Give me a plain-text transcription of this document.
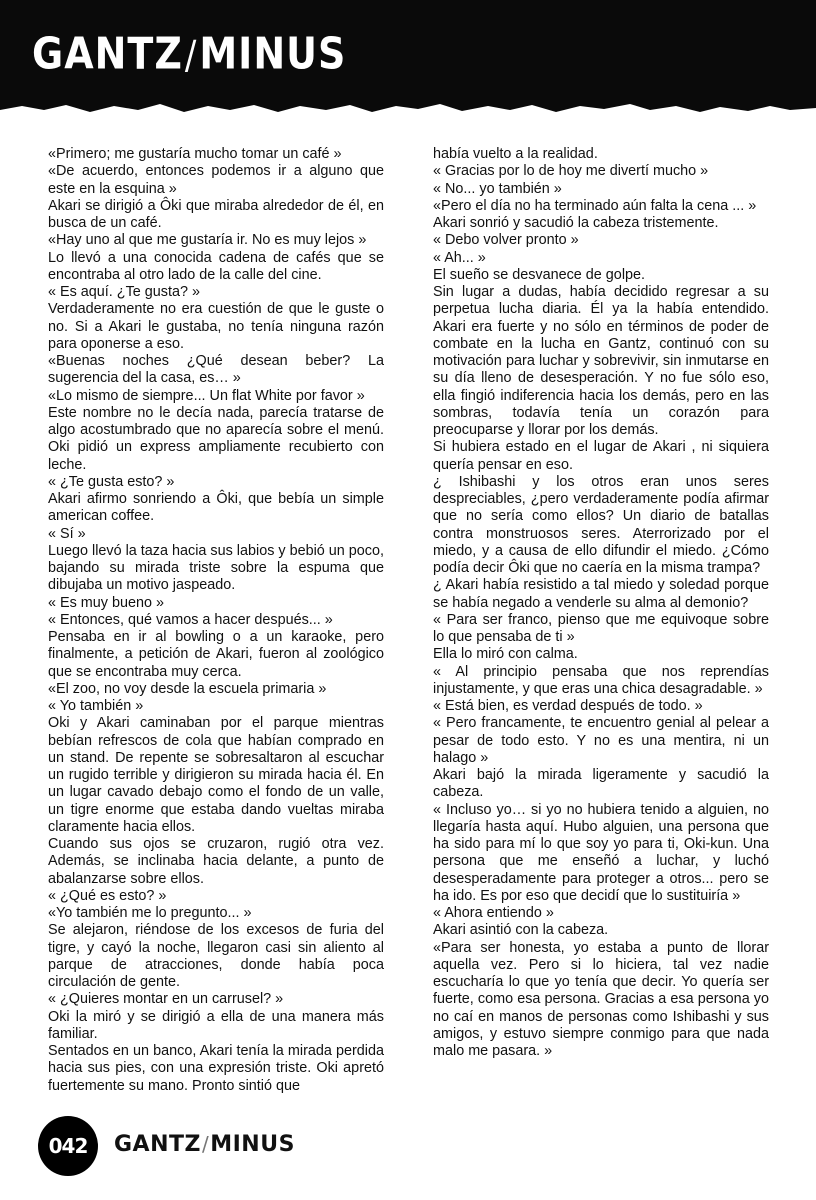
GANTZ/MINUS

«Primero; me gustaría mucho tomar un café »

«De acuerdo, entonces podemos ir a alguno que este en la esquina »

Akari se dirigió a Ôki que miraba alrededor de él, en busca de un café.

«Hay uno al que me gustaría ir. No es muy lejos »

Lo llevó a una conocida cadena de cafés que se encontraba al otro lado de la calle del cine.

« Es aquí. ¿Te gusta? »

Verdaderamente no era cuestión de que le guste o no. Si a Akari le gustaba, no tenía ninguna razón para oponerse a eso.

«Buenas noches ¿Qué desean beber? La sugerencia del la casa, es… »

«Lo mismo de siempre... Un flat White por favor »

Este nombre no le decía nada, parecía tratarse de algo acostumbrado que no aparecía sobre el menú. Oki pidió un express ampliamente recubierto con leche.

« ¿Te gusta esto? »

Akari afirmo sonriendo a Ôki, que bebía un simple american coffee.

« Sí »

Luego llevó la taza hacia sus labios y bebió un poco, bajando su mirada triste sobre la espuma que dibujaba un motivo jaspeado.

« Es muy bueno »

« Entonces, qué vamos a hacer después... »

Pensaba en ir al bowling o a un karaoke, pero finalmente, a petición de Akari, fueron al zoológico que se encontraba muy cerca.

«El zoo, no voy desde la escuela primaria »

« Yo también »

Oki y Akari caminaban por el parque mientras bebían refrescos de cola que habían comprado en un stand. De repente se sobresaltaron al escuchar un rugido terrible y dirigieron su mirada hacia él. En un lugar cavado debajo como el fondo de un valle, un tigre enorme que estaba dando vueltas miraba claramente hacia ellos.

Cuando sus ojos se cruzaron, rugió otra vez. Además, se inclinaba hacia delante, a punto de abalanzarse sobre ellos.

« ¿Qué es esto? »

«Yo también me lo pregunto... »

Se alejaron, riéndose de los excesos de furia del tigre, y cayó la noche, llegaron casi sin aliento al parque de atracciones, donde había poca circulación de gente.

« ¿Quieres montar en un carrusel? »

Oki la miró y se dirigió a ella de una manera más familiar.

Sentados en un banco, Akari tenía la mirada perdida hacia sus pies, con una expresión triste. Oki apretó fuertemente su mano. Pronto sintió que

había vuelto a la realidad.

« Gracias por lo de hoy me divertí mucho »

« No... yo también »

«Pero el día no ha terminado aún falta la cena ... »

Akari sonrió y sacudió la cabeza tristemente.

« Debo volver pronto »

« Ah... »

El sueño se desvanece de golpe.

Sin lugar a dudas, había decidido regresar a su perpetua lucha diaria. Él ya la había entendido. Akari era fuerte y no sólo en términos de poder de combate en la lucha en Gantz, continuó con su motivación para luchar y sobrevivir, sin inmutarse en su día lleno de desesperación. Y no fue sólo eso, ella fingió indiferencia hacia los demás, pero en las sombras, todavía tenía un corazón para preocuparse y llorar por los demás.

Si hubiera estado en el lugar de Akari , ni siquiera quería pensar en eso.

¿ Ishibashi y los otros eran unos seres despreciables, ¿pero verdaderamente podía afirmar que no sería como ellos? Un diario de batallas contra monstruosos seres. Aterrorizado por el miedo, y a causa de ello difundir el miedo. ¿Cómo podía decir Ôki que no caería en la misma trampa?

¿ Akari había resistido a tal miedo y soledad porque se había negado a venderle su alma al demonio?

« Para ser franco, pienso que me equivoque sobre lo que pensaba de ti »

Ella lo miró con calma.

« Al principio pensaba que nos reprendías injustamente, y que eras una chica desagradable. »

« Está bien, es verdad después de todo. »

« Pero francamente, te encuentro genial al pelear a pesar de todo esto. Y no es una mentira, ni un halago »

Akari bajó la mirada ligeramente y sacudió la cabeza.

« Incluso yo… si yo no hubiera tenido a alguien, no llegaría hasta aquí. Hubo alguien, una persona que ha sido para mí lo que soy yo para ti, Oki-kun. Una persona que me enseñó a luchar, y luchó desesperadamente para proteger a otros... pero se ha ido. Es por eso que decidí que lo sustituiría »

« Ahora entiendo »

Akari asintió con la cabeza.

«Para ser honesta, yo estaba a punto de llorar aquella vez. Pero si lo hiciera, tal vez nadie escucharía lo que yo tenía que decir. Yo quería ser fuerte, como esa persona. Gracias a esa persona yo no caí en manos de personas como Ishibashi y sus amigos, y estuvo siempre conmigo para que nada malo me pasara. »

042	GANTZ/MINUS
